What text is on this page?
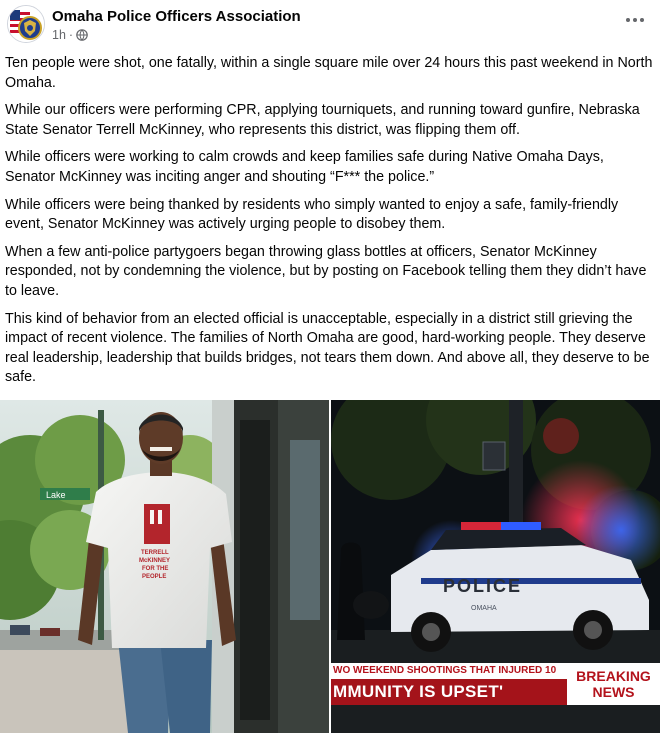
Omaha Police Officers Association
1h ·

Ten people were shot, one fatally, within a single square mile over 24 hours this past weekend in North Omaha.

While our officers were performing CPR, applying tourniquets, and running toward gunfire, Nebraska State Senator Terrell McKinney, who represents this district, was flipping them off.

While officers were working to calm crowds and keep families safe during Native Omaha Days, Senator McKinney was inciting anger and shouting “F*** the police.”

While officers were being thanked by residents who simply wanted to enjoy a safe, family-friendly event, Senator McKinney was actively urging people to disobey them.

When a few anti-police partygoers began throwing glass bottles at officers, Senator McKinney responded, not by condemning the violence, but by posting on Facebook telling them they didn’t have to leave.

This kind of behavior from an elected official is unacceptable, especially in a district still grieving the impact of recent violence. The families of North Omaha are good, hard-working people. They deserve real leadership, leadership that builds bridges, not tears them down. And above all, they deserve to be safe.

Lake
TERRELL
McKINNEY
FOR THE
PEOPLE	POLICE
OMAHA
WO WEEKEND SHOOTINGS THAT INJURED 10
MMUNITY IS UPSET'
BREAKING
NEWS
